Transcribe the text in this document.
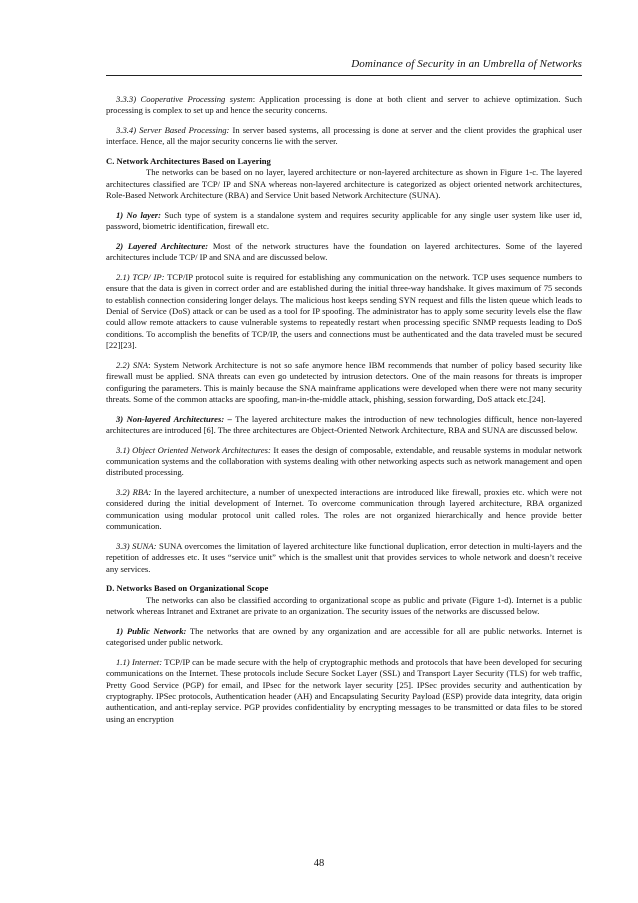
Dominance of Security in an Umbrella of Networks

3.3.3) Cooperative Processing system: Application processing is done at both client and server to achieve optimization. Such processing is complex to set up and hence the security concerns.

3.3.4) Server Based Processing: In server based systems, all processing is done at server and the client provides the graphical user interface. Hence, all the major security concerns lie with the server.

C. Network Architectures Based on Layering

The networks can be based on no layer, layered architecture or non-layered architecture as shown in Figure 1-c. The layered architectures classified are TCP/ IP and SNA whereas non-layered architecture is categorized as object oriented network architectures, Role-Based Network Architecture (RBA) and Service Unit based Network Architecture (SUNA).

1) No layer: Such type of system is a standalone system and requires security applicable for any single user system like user id, password, biometric identification, firewall etc.

2) Layered Architecture: Most of the network structures have the foundation on layered architectures. Some of the layered architectures include TCP/ IP and SNA and are discussed below.

2.1) TCP/ IP: TCP/IP protocol suite is required for establishing any communication on the network. TCP uses sequence numbers to ensure that the data is given in correct order and are established during the initial three-way handshake. It gives maximum of 75 seconds to establish connection considering longer delays. The malicious host keeps sending SYN request and fills the listen queue which leads to Denial of Service (DoS) attack or can be used as a tool for IP spoofing. The administrator has to apply some security levels else the flaw could allow remote attackers to cause vulnerable systems to repeatedly restart when processing specific SNMP requests leading to DoS conditions. To accomplish the benefits of TCP/IP, the users and connections must be authenticated and the data traveled must be secured [22][23].

2.2) SNA: System Network Architecture is not so safe anymore hence IBM recommends that number of policy based security like firewall must be applied. SNA threats can even go undetected by intrusion detectors. One of the main reasons for threats is improper configuring the parameters. This is mainly because the SNA mainframe applications were developed when there were not many security threats. Some of the common attacks are spoofing, man-in-the-middle attack, phishing, session forwarding, DoS attack etc.[24].

3) Non-layered Architectures: – The layered architecture makes the introduction of new technologies difficult, hence non-layered architectures are introduced [6]. The three architectures are Object-Oriented Network Architecture, RBA and SUNA are discussed below.

3.1) Object Oriented Network Architectures: It eases the design of composable, extendable, and reusable systems in modular network communication systems and the collaboration with systems dealing with other networking aspects such as network management and open distributed processing.

3.2) RBA: In the layered architecture, a number of unexpected interactions are introduced like firewall, proxies etc. which were not considered during the initial development of Internet. To overcome communication through layered architecture, RBA organized communication using modular protocol unit called roles. The roles are not organized hierarchically and hence provide better communication.

3.3) SUNA: SUNA overcomes the limitation of layered architecture like functional duplication, error detection in multi-layers and the repetition of addresses etc. It uses “service unit” which is the smallest unit that provides services to whole network and doesn’t receive any services.

D. Networks Based on Organizational Scope

The networks can also be classified according to organizational scope as public and private (Figure 1-d). Internet is a public network whereas Intranet and Extranet are private to an organization. The security issues of the networks are discussed below.

1) Public Network: The networks that are owned by any organization and are accessible for all are public networks. Internet is categorised under public network.

1.1) Internet: TCP/IP can be made secure with the help of cryptographic methods and protocols that have been developed for securing communications on the Internet. These protocols include Secure Socket Layer (SSL) and Transport Layer Security (TLS) for web traffic, Pretty Good Service (PGP) for email, and IPsec for the network layer security [25]. IPSec provides security and authentication by cryptography. IPSec protocols, Authentication header (AH) and Encapsulating Security Payload (ESP) provide data integrity, data origin authentication, and anti-replay service. PGP provides confidentiality by encrypting messages to be transmitted or data files to be stored using an encryption

48
